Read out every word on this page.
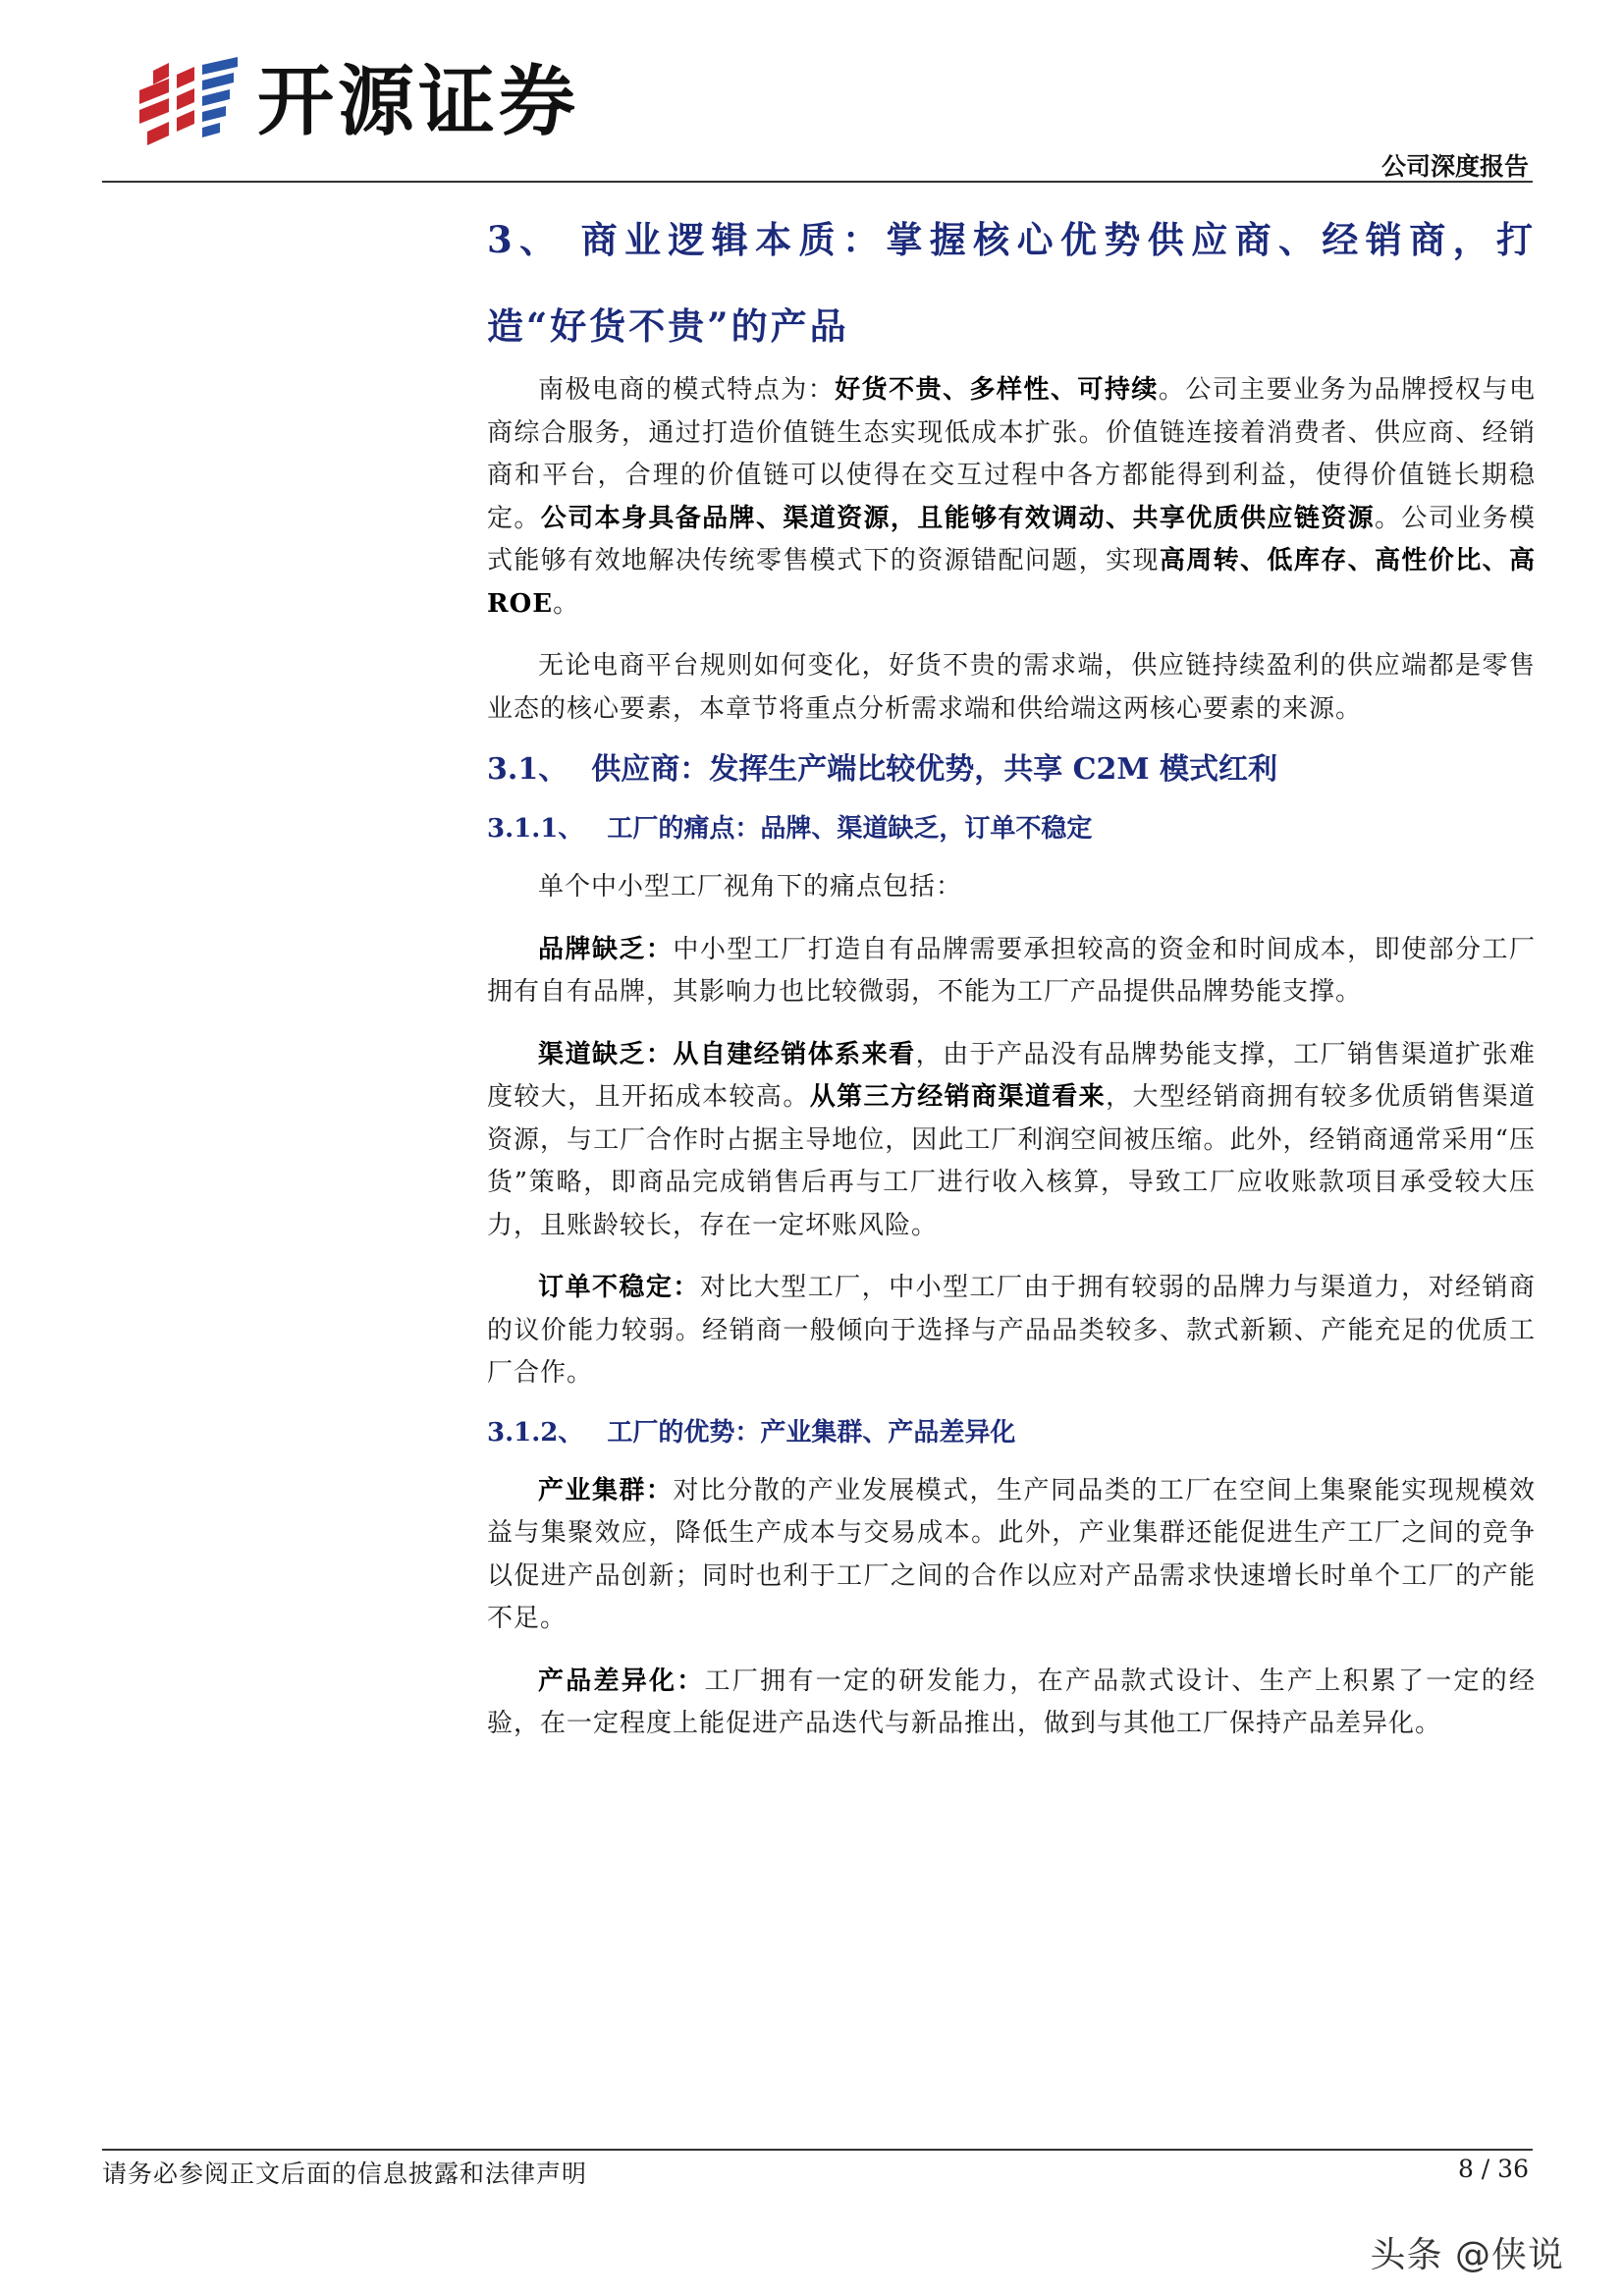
开源证券
公司深度报告
3、 商业逻辑本质：掌握核心优势供应商、经销商，打造“好货不贵”的产品

南极电商的模式特点为：好货不贵、多样性、可持续。公司主要业务为品牌授权与电商综合服务，通过打造价值链生态实现低成本扩张。价值链连接着消费者、供应商、经销商和平台，合理的价值链可以使得在交互过程中各方都能得到利益，使得价值链长期稳定。公司本身具备品牌、渠道资源，且能够有效调动、共享优质供应链资源。公司业务模式能够有效地解决传统零售模式下的资源错配问题，实现高周转、低库存、高性价比、高 ROE。

无论电商平台规则如何变化，好货不贵的需求端，供应链持续盈利的供应端都是零售业态的核心要素，本章节将重点分析需求端和供给端这两核心要素的来源。

3.1、 供应商：发挥生产端比较优势，共享 C2M 模式红利
3.1.1、 工厂的痛点：品牌、渠道缺乏，订单不稳定

单个中小型工厂视角下的痛点包括：

品牌缺乏：中小型工厂打造自有品牌需要承担较高的资金和时间成本，即使部分工厂拥有自有品牌，其影响力也比较微弱，不能为工厂产品提供品牌势能支撑。

渠道缺乏：从自建经销体系来看，由于产品没有品牌势能支撑，工厂销售渠道扩张难度较大，且开拓成本较高。从第三方经销商渠道看来，大型经销商拥有较多优质销售渠道资源，与工厂合作时占据主导地位，因此工厂利润空间被压缩。此外，经销商通常采用“压货”策略，即商品完成销售后再与工厂进行收入核算，导致工厂应收账款项目承受较大压力，且账龄较长，存在一定坏账风险。

订单不稳定：对比大型工厂，中小型工厂由于拥有较弱的品牌力与渠道力，对经销商的议价能力较弱。经销商一般倾向于选择与产品品类较多、款式新颖、产能充足的优质工厂合作。

3.1.2、 工厂的优势：产业集群、产品差异化

产业集群：对比分散的产业发展模式，生产同品类的工厂在空间上集聚能实现规模效益与集聚效应，降低生产成本与交易成本。此外，产业集群还能促进生产工厂之间的竞争以促进产品创新；同时也利于工厂之间的合作以应对产品需求快速增长时单个工厂的产能不足。

产品差异化：工厂拥有一定的研发能力，在产品款式设计、生产上积累了一定的经验，在一定程度上能促进产品迭代与新品推出，做到与其他工厂保持产品差异化。

请务必参阅正文后面的信息披露和法律声明	8 / 36
头条 @侠说
